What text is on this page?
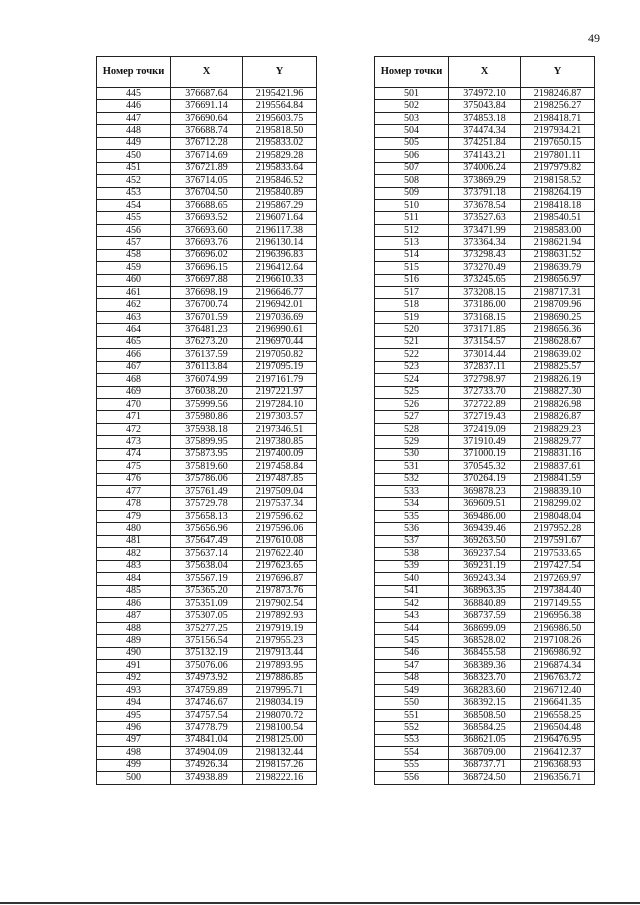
49
Номер точки	X	Y
445	376687.64	2195421.96
446	376691.14	2195564.84
447	376690.64	2195603.75
448	376688.74	2195818.50
449	376712.28	2195833.02
450	376714.69	2195829.28
451	376721.89	2195833.64
452	376714.05	2195846.52
453	376704.50	2195840.89
454	376688.65	2195867.29
455	376693.52	2196071.64
456	376693.60	2196117.38
457	376693.76	2196130.14
458	376696.02	2196396.83
459	376696.15	2196412.64
460	376697.88	2196610.33
461	376698.19	2196646.77
462	376700.74	2196942.01
463	376701.59	2197036.69
464	376481.23	2196990.61
465	376273.20	2196970.44
466	376137.59	2197050.82
467	376113.84	2197095.19
468	376074.99	2197161.79
469	376038.20	2197221.97
470	375999.56	2197284.10
471	375980.86	2197303.57
472	375938.18	2197346.51
473	375899.95	2197380.85
474	375873.95	2197400.09
475	375819.60	2197458.84
476	375786.06	2197487.85
477	375761.49	2197509.04
478	375729.78	2197537.34
479	375658.13	2197596.62
480	375656.96	2197596.06
481	375647.49	2197610.08
482	375637.14	2197622.40
483	375638.04	2197623.65
484	375567.19	2197696.87
485	375365.20	2197873.76
486	375351.09	2197902.54
487	375307.05	2197892.93
488	375277.25	2197919.19
489	375156.54	2197955.23
490	375132.19	2197913.44
491	375076.06	2197893.95
492	374973.92	2197886.85
493	374759.89	2197995.71
494	374746.67	2198034.19
495	374757.54	2198070.72
496	374778.79	2198100.54
497	374841.04	2198125.00
498	374904.09	2198132.44
499	374926.34	2198157.26
500	374938.89	2198222.16
Номер точки	X	Y
501	374972.10	2198246.87
502	375043.84	2198256.27
503	374853.18	2198418.71
504	374474.34	2197934.21
505	374251.84	2197650.15
506	374143.21	2197801.11
507	374006.24	2197979.82
508	373869.29	2198158.52
509	373791.18	2198264.19
510	373678.54	2198418.18
511	373527.63	2198540.51
512	373471.99	2198583.00
513	373364.34	2198621.94
514	373298.43	2198631.52
515	373270.49	2198639.79
516	373245.65	2198656.97
517	373208.15	2198717.31
518	373186.00	2198709.96
519	373168.15	2198690.25
520	373171.85	2198656.36
521	373154.57	2198628.67
522	373014.44	2198639.02
523	372837.11	2198825.57
524	372798.97	2198826.19
525	372733.70	2198827.30
526	372722.89	2198826.98
527	372719.43	2198826.87
528	372419.09	2198829.23
529	371910.49	2198829.77
530	371000.19	2198831.16
531	370545.32	2198837.61
532	370264.19	2198841.59
533	369878.23	2198839.10
534	369609.51	2198299.02
535	369486.00	2198048.04
536	369439.46	2197952.28
537	369263.50	2197591.67
538	369237.54	2197533.65
539	369231.19	2197427.54
540	369243.34	2197269.97
541	368963.35	2197384.40
542	368840.89	2197149.55
543	368737.59	2196956.38
544	368699.09	2196986.50
545	368528.02	2197108.26
546	368455.58	2196986.92
547	368389.36	2196874.34
548	368323.70	2196763.72
549	368283.60	2196712.40
550	368392.15	2196641.35
551	368508.50	2196558.25
552	368584.25	2196504.48
553	368621.05	2196476.95
554	368709.00	2196412.37
555	368737.71	2196368.93
556	368724.50	2196356.71
